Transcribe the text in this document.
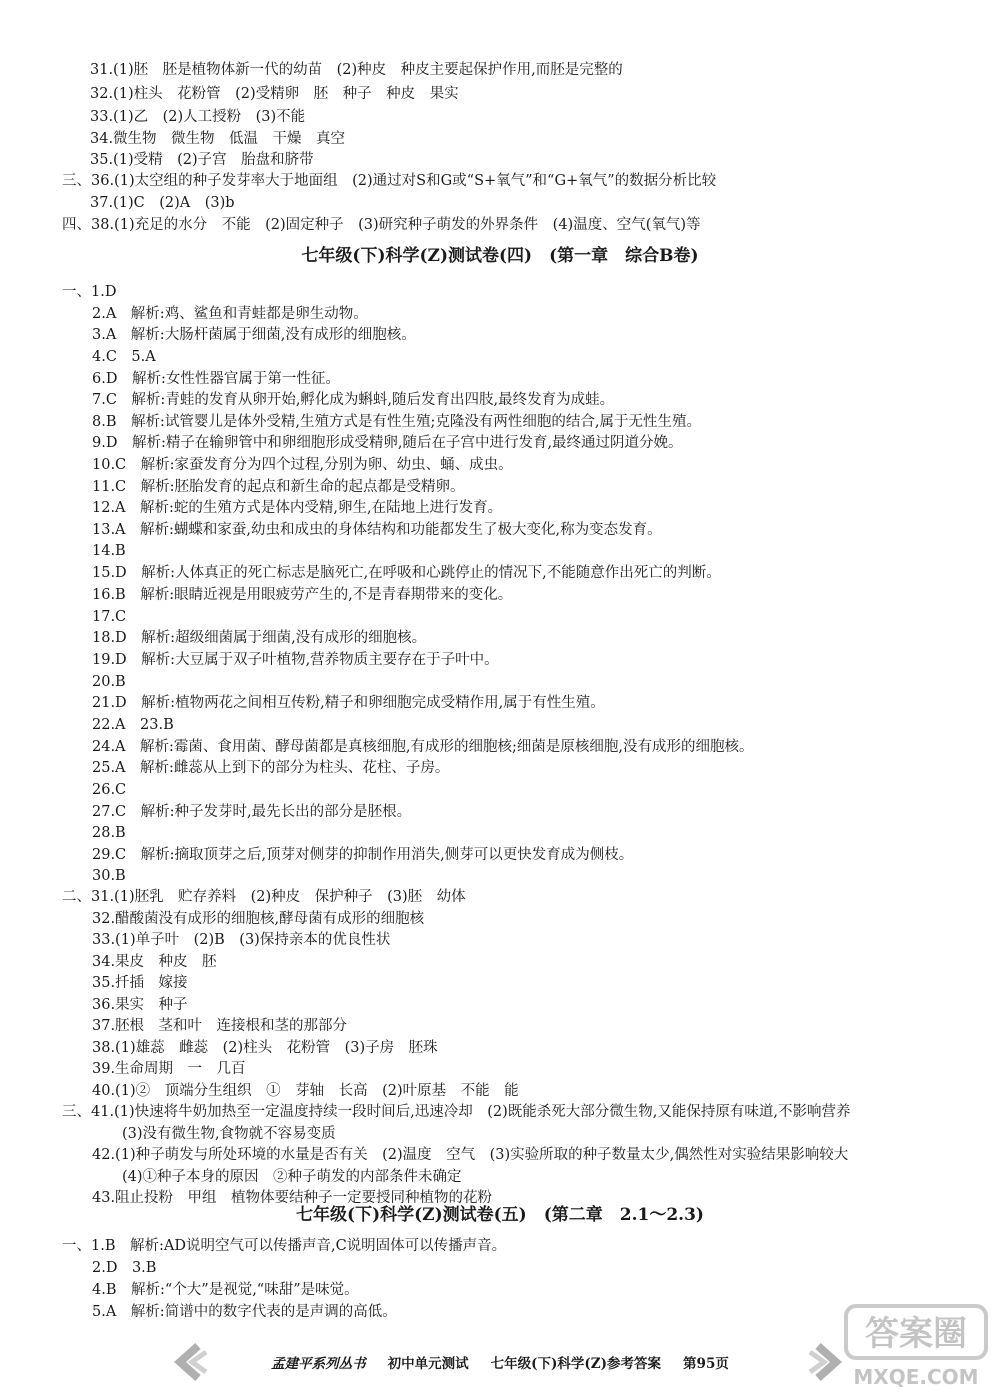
七年级(下)科学(Z)测试卷(四)　(第一章　综合B卷)
七年级(下)科学(Z)测试卷(五)　(第二章　2.1～2.3)
孟建平系列丛书 初中单元测试 七年级(下)科学(Z)参考答案 第95页
答案圈
MXQE.COM
31.(1)胚　胚是植物体新一代的幼苗　(2)种皮　种皮主要起保护作用,而胚是完整的
32.(1)柱头　花粉管　(2)受精卵　胚　种子　种皮　果实
33.(1)乙　(2)人工授粉　(3)不能
34.微生物　微生物　低温　干燥　真空
35.(1)受精　(2)子宫　胎盘和脐带
三、36.(1)太空组的种子发芽率大于地面组　(2)通过对S和G或“S+氧气”和“G+氧气”的数据分析比较
37.(1)C　(2)A　(3)b
四、38.(1)充足的水分　不能　(2)固定种子　(3)研究种子萌发的外界条件　(4)温度、空气(氧气)等
一、1.D
2.A　解析:鸡、鲨鱼和青蛙都是卵生动物。
3.A　解析:大肠杆菌属于细菌,没有成形的细胞核。
4.C　5.A
6.D　解析:女性性器官属于第一性征。
7.C　解析:青蛙的发育从卵开始,孵化成为蝌蚪,随后发育出四肢,最终发育为成蛙。
8.B　解析:试管婴儿是体外受精,生殖方式是有性生殖;克隆没有两性细胞的结合,属于无性生殖。
9.D　解析:精子在输卵管中和卵细胞形成受精卵,随后在子宫中进行发育,最终通过阴道分娩。
10.C　解析:家蚕发育分为四个过程,分别为卵、幼虫、蛹、成虫。
11.C　解析:胚胎发育的起点和新生命的起点都是受精卵。
12.A　解析:蛇的生殖方式是体内受精,卵生,在陆地上进行发育。
13.A　解析:蝴蝶和家蚕,幼虫和成虫的身体结构和功能都发生了极大变化,称为变态发育。
14.B
15.D　解析:人体真正的死亡标志是脑死亡,在呼吸和心跳停止的情况下,不能随意作出死亡的判断。
16.B　解析:眼睛近视是用眼疲劳产生的,不是青春期带来的变化。
17.C
18.D　解析:超级细菌属于细菌,没有成形的细胞核。
19.D　解析:大豆属于双子叶植物,营养物质主要存在于子叶中。
20.B
21.D　解析:植物两花之间相互传粉,精子和卵细胞完成受精作用,属于有性生殖。
22.A　23.B
24.A　解析:霉菌、食用菌、酵母菌都是真核细胞,有成形的细胞核;细菌是原核细胞,没有成形的细胞核。
25.A　解析:雌蕊从上到下的部分为柱头、花柱、子房。
26.C
27.C　解析:种子发芽时,最先长出的部分是胚根。
28.B
29.C　解析:摘取顶芽之后,顶芽对侧芽的抑制作用消失,侧芽可以更快发育成为侧枝。
30.B
二、31.(1)胚乳　贮存养料　(2)种皮　保护种子　(3)胚　幼体
32.醋酸菌没有成形的细胞核,酵母菌有成形的细胞核
33.(1)单子叶　(2)B　(3)保持亲本的优良性状
34.果皮　种皮　胚
35.扦插　嫁接
36.果实　种子
37.胚根　茎和叶　连接根和茎的那部分
38.(1)雄蕊　雌蕊　(2)柱头　花粉管　(3)子房　胚珠
39.生命周期　一　几百
40.(1)②　顶端分生组织　①　芽轴　长高　(2)叶原基　不能　能
三、41.(1)快速将牛奶加热至一定温度持续一段时间后,迅速冷却　(2)既能杀死大部分微生物,又能保持原有味道,不影响营养
(3)没有微生物,食物就不容易变质
42.(1)种子萌发与所处环境的水量是否有关　(2)温度　空气　(3)实验所取的种子数量太少,偶然性对实验结果影响较大
(4)①种子本身的原因　②种子萌发的内部条件未确定
43.阻止投粉　甲组　植物体要结种子一定要授同种植物的花粉
一、1.B　解析:AD说明空气可以传播声音,C说明固体可以传播声音。
2.D　3.B
4.B　解析:“个大”是视觉,“味甜”是味觉。
5.A　解析:简谱中的数字代表的是声调的高低。
